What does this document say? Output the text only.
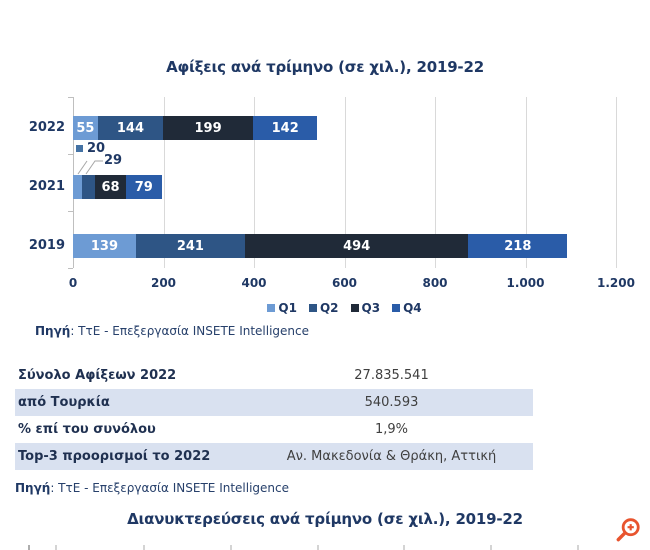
Αφίξεις ανά τρίμηνο (σε χιλ.), 2019-22
20
29
2022 55 144	199	142
2021	68 79
2019 139	241	494	218
0	200	400	600	800	1.000	1.200
Q1 Q2 Q3 Q4
Πηγή: ΤτΕ - Επεξεργασία INSETE Intelligence
Σύνολο Αφίξεων 2022	27.835.541
από Τουρκία	540.593
% επί του συνόλου	1,9%
Top-3 προορισμοί το 2022	Αν. Μακεδονία & Θράκη, Αττική
Πηγή: ΤτΕ - Επεξεργασία INSETE Intelligence
Διανυκτερεύσεις ανά τρίμηνο (σε χιλ.), 2019-22
